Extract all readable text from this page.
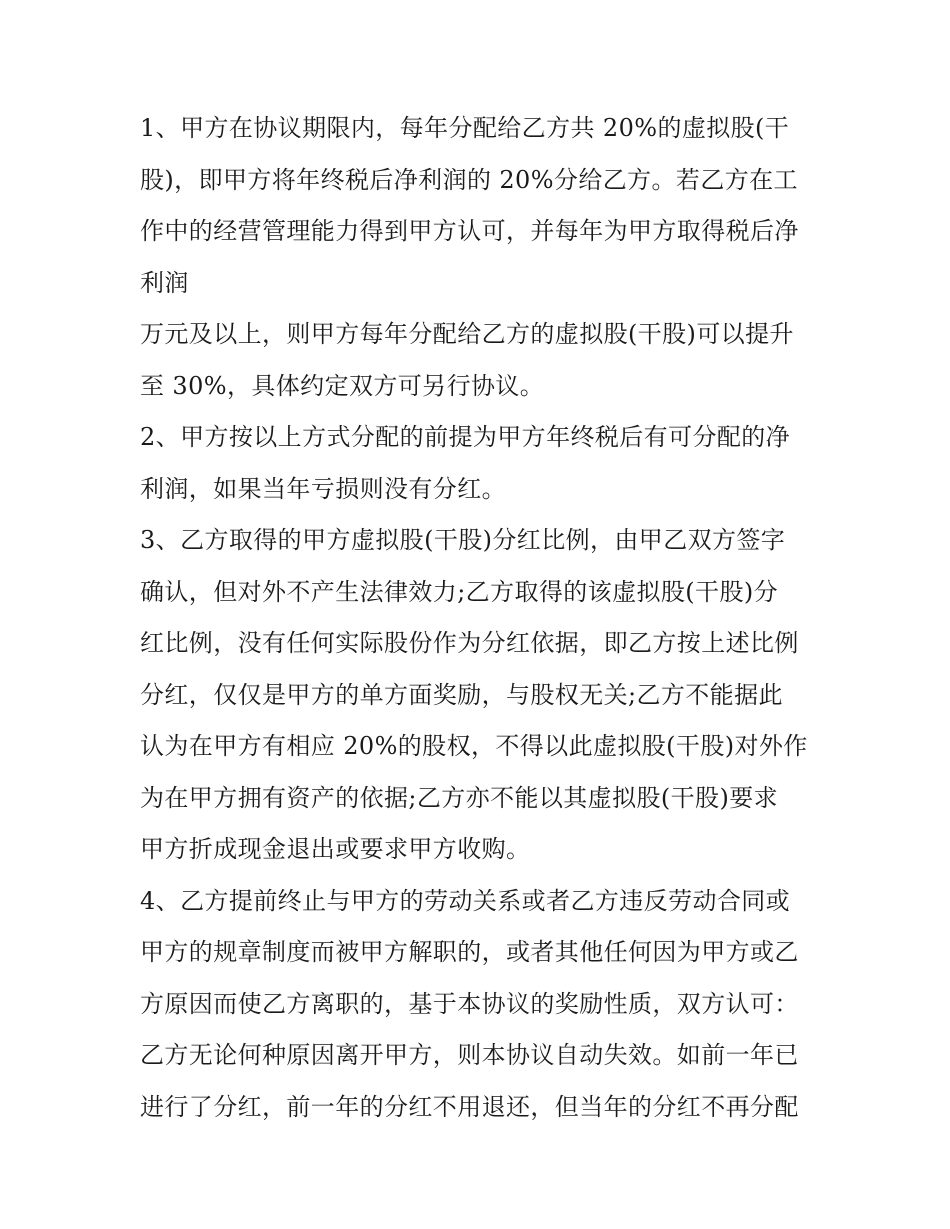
1、甲方在协议期限内，每年分配给乙方共 20%的虚拟股(干
股)，即甲方将年终税后净利润的 20%分给乙方。若乙方在工
作中的经营管理能力得到甲方认可，并每年为甲方取得税后净
利润
万元及以上，则甲方每年分配给乙方的虚拟股(干股)可以提升
至 30%，具体约定双方可另行协议。
2、甲方按以上方式分配的前提为甲方年终税后有可分配的净
利润，如果当年亏损则没有分红。
3、乙方取得的甲方虚拟股(干股)分红比例，由甲乙双方签字
确认，但对外不产生法律效力;乙方取得的该虚拟股(干股)分
红比例，没有任何实际股份作为分红依据，即乙方按上述比例
分红，仅仅是甲方的单方面奖励，与股权无关;乙方不能据此
认为在甲方有相应 20%的股权，不得以此虚拟股(干股)对外作
为在甲方拥有资产的依据;乙方亦不能以其虚拟股(干股)要求
甲方折成现金退出或要求甲方收购。
4、乙方提前终止与甲方的劳动关系或者乙方违反劳动合同或
甲方的规章制度而被甲方解职的，或者其他任何因为甲方或乙
方原因而使乙方离职的，基于本协议的奖励性质，双方认可：
乙方无论何种原因离开甲方，则本协议自动失效。如前一年已
进行了分红，前一年的分红不用退还，但当年的分红不再分配
